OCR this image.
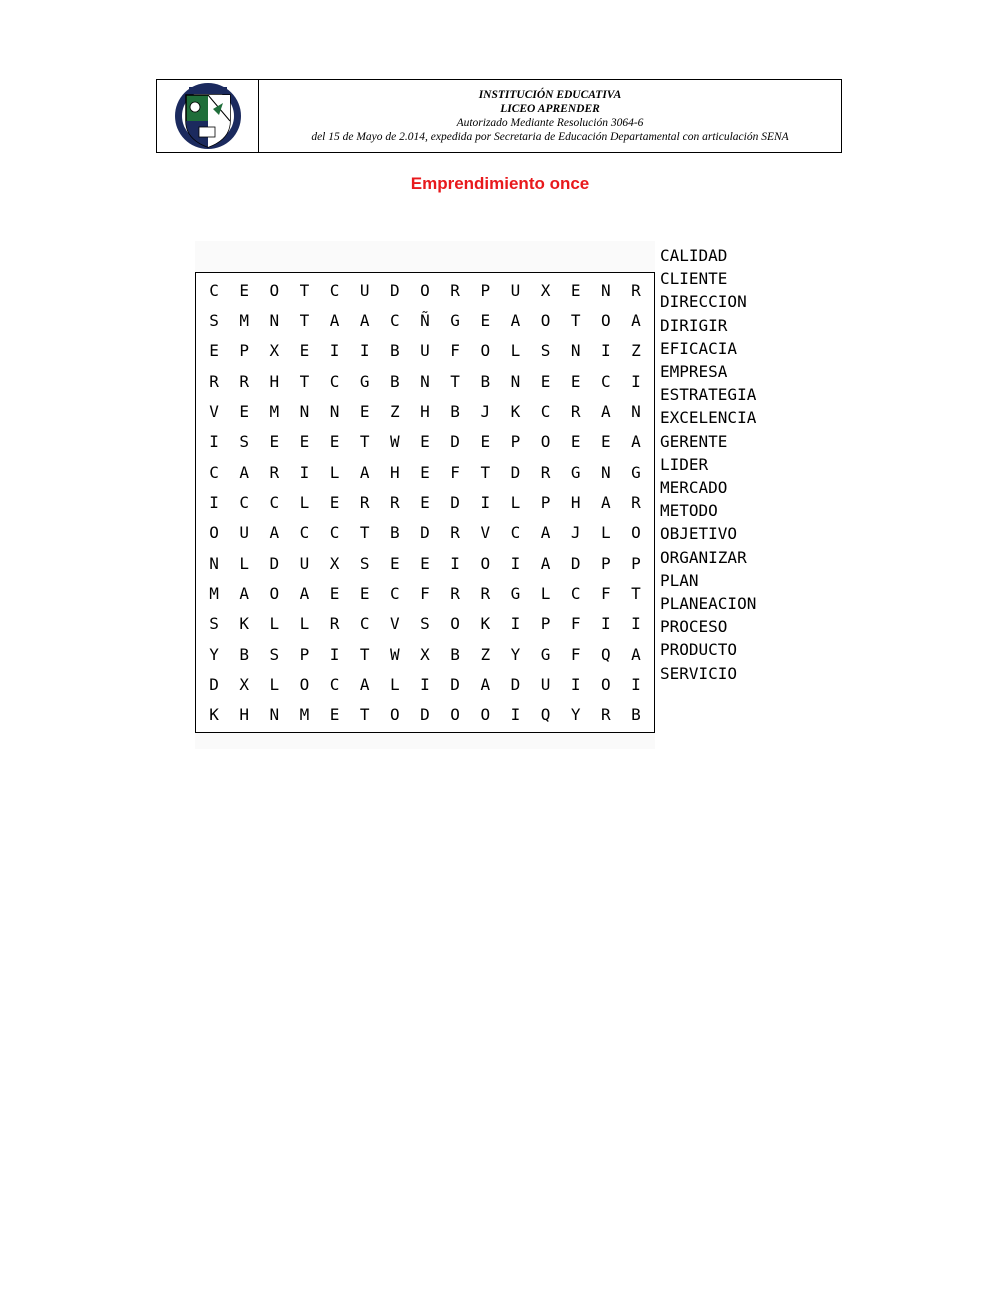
INSTITUCIÓN EDUCATIVA
LICEO APRENDER
Autorizado Mediante Resolución 3064-6
del 15 de Mayo de 2.014, expedida por Secretaria de Educación Departamental con articulación SENA
Emprendimiento once
C	E	O	T	C	U	D	O	R	P	U	X	E	N	R
S	M	N	T	A	A	C	Ñ	G	E	A	O	T	O	A
E	P	X	E	I	I	B	U	F	O	L	S	N	I	Z
R	R	H	T	C	G	B	N	T	B	N	E	E	C	I
V	E	M	N	N	E	Z	H	B	J	K	C	R	A	N
I	S	E	E	E	T	W	E	D	E	P	O	E	E	A
C	A	R	I	L	A	H	E	F	T	D	R	G	N	G
I	C	C	L	E	R	R	E	D	I	L	P	H	A	R
O	U	A	C	C	T	B	D	R	V	C	A	J	L	O
N	L	D	U	X	S	E	E	I	O	I	A	D	P	P
M	A	O	A	E	E	C	F	R	R	G	L	C	F	T
S	K	L	L	R	C	V	S	O	K	I	P	F	I	I
Y	B	S	P	I	T	W	X	B	Z	Y	G	F	Q	A
D	X	L	O	C	A	L	I	D	A	D	U	I	O	I
K	H	N	M	E	T	O	D	O	O	I	Q	Y	R	B
CALIDAD
CLIENTE
DIRECCION
DIRIGIR
EFICACIA
EMPRESA
ESTRATEGIA
EXCELENCIA
GERENTE
LIDER
MERCADO
METODO
OBJETIVO
ORGANIZAR
PLAN
PLANEACION
PROCESO
PRODUCTO
SERVICIO
